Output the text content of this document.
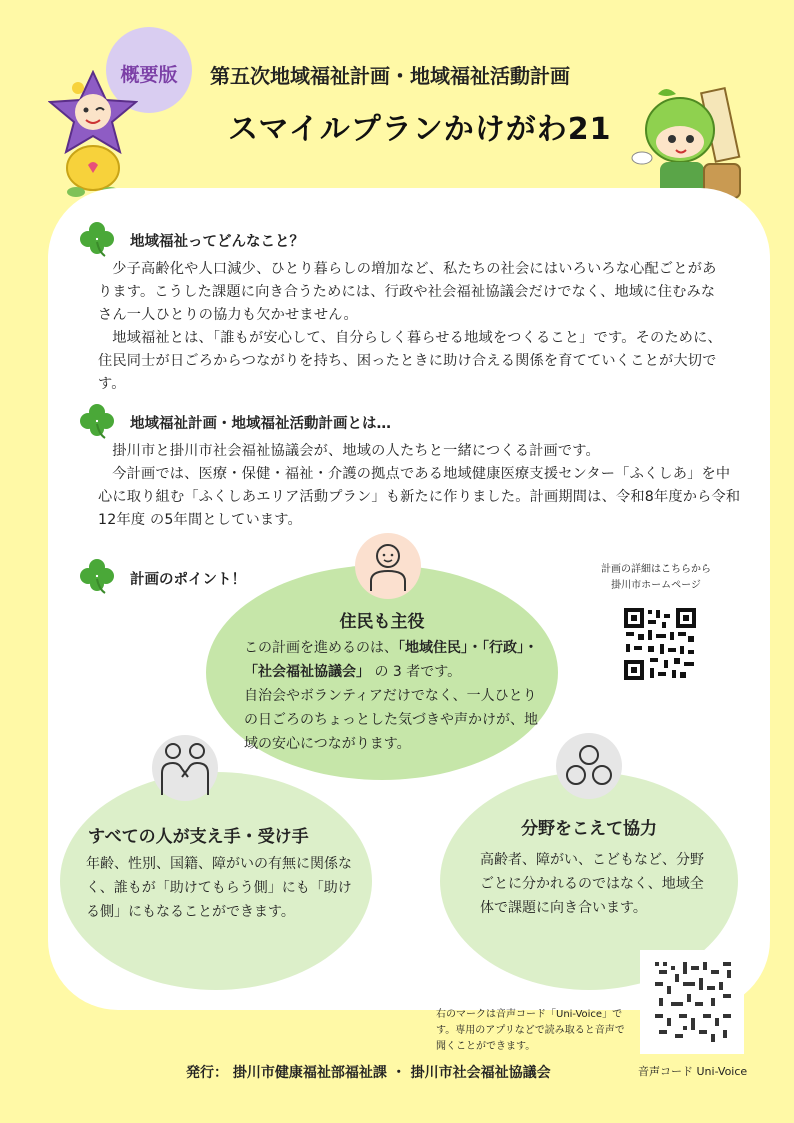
概要版	第五次地域福祉計画・地域福祉活動計画
スマイルプランかけがわ21
地域福祉ってどんなこと？
少子高齢化や人口減少、ひとり暮らしの増加など、私たちの社会にはいろいろな心配ごとがあります。こうした課題に向き合うためには、行政や社会福祉協議会だけでなく、地域に住むみなさん一人ひとりの協力も欠かせません。
地域福祉とは、「誰もが安心して、自分らしく暮らせる地域をつくること」です。そのために、住民同士が日ごろからつながりを持ち、困ったときに助け合える関係を育てていくことが大切です。
地域福祉計画・地域福祉活動計画とは…
掛川市と掛川市社会福祉協議会が、地域の人たちと一緒につくる計画です。
今計画では、医療・保健・福祉・介護の拠点である地域健康医療支援センター「ふくしあ」を中心に取り組む「ふくしあエリア活動プラン」も新たに作りました。計画期間は、令和8年度から令和12年度 の5年間としています。
計画のポイント！
計画の詳細はこちらから
掛川市ホームページ
住民も主役
この計画を進めるのは、「地域住民」・「行政」・
「社会福祉協議会」 の 3 者です。
自治会やボランティアだけでなく、一人ひとりの日ごろのちょっとした気づきや声かけが、地域の安心につながります。
すべての人が支え手・受け手
年齢、性別、国籍、障がいの有無に関係なく、誰もが「助けてもらう側」にも「助ける側」にもなることができます。
分野をこえて協力
高齢者、障がい、こどもなど、分野ごとに分かれるのではなく、地域全体で課題に向き合います。
右のマークは音声コード「Uni-Voice」です。専用のアプリなどで読み取ると音声で聞くことができます。
音声コード Uni-Voice
発行： 掛川市健康福祉部福祉課 ・ 掛川市社会福祉協議会
